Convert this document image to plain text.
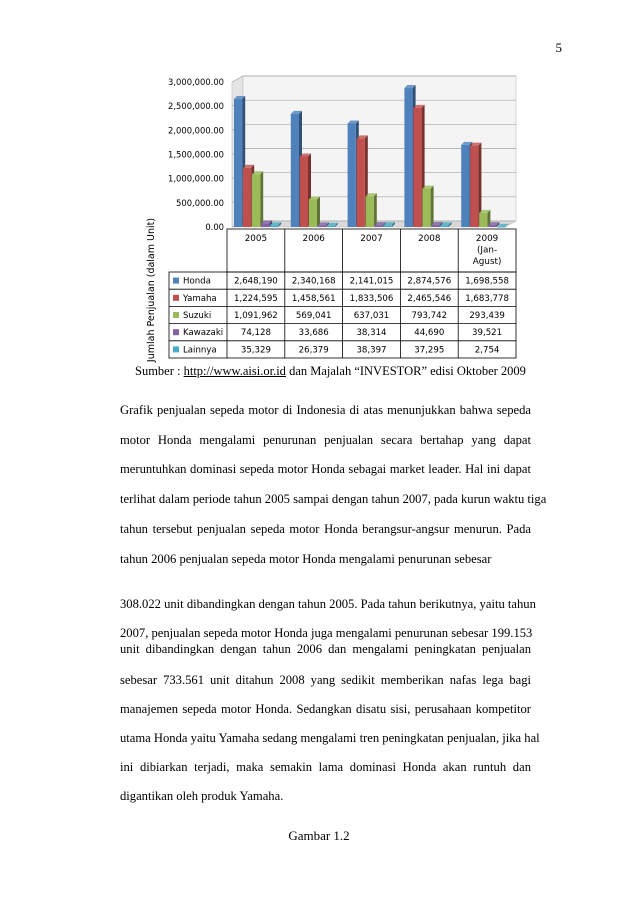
5
3,000,000.00
2,500,000.00
2,000,000.00
1,500,000.00
1,000,000.00
500,000.00
0.00
Jumlah Penjualan (dalam Unit)	2005	2006	2007	2008	2009
(Jan-
Agust)
Honda	2,648,190 2,340,168 2,141,015 2,874,576 1,698,558
Yamaha 1,224,595 1,458,561 1,833,506 2,465,546 1,683,778
Suzuki	1,091,962 569,041	637,031	793,742	293,439
Kawazaki 74,128	33,686	38,314	44,690	39,521
Lainnya	35,329	26,379	38,397	37,295	2,754
Sumber : http://www.aisi.or.id dan Majalah “INVESTOR” edisi Oktober 2009
Grafik penjualan sepeda motor di Indonesia di atas menunjukkan bahwa sepeda
motor Honda mengalami penurunan penjualan secara bertahap yang dapat
meruntuhkan dominasi sepeda motor Honda sebagai market leader. Hal ini dapat
terlihat dalam periode tahun 2005 sampai dengan tahun 2007, pada kurun waktu tiga
tahun tersebut penjualan sepeda motor Honda berangsur-angsur menurun. Pada
tahun 2006 penjualan sepeda motor Honda mengalami penurunan sebesar
308.022 unit dibandingkan dengan tahun 2005. Pada tahun berikutnya, yaitu tahun
2007, penjualan sepeda motor Honda juga mengalami penurunan sebesar 199.153
unit dibandingkan dengan tahun 2006 dan mengalami peningkatan penjualan
sebesar 733.561 unit ditahun 2008 yang sedikit memberikan nafas lega bagi
manajemen sepeda motor Honda. Sedangkan disatu sisi, perusahaan kompetitor
utama Honda yaitu Yamaha sedang mengalami tren peningkatan penjualan, jika hal
ini dibiarkan terjadi, maka semakin lama dominasi Honda akan runtuh dan
digantikan oleh produk Yamaha.
Gambar 1.2
